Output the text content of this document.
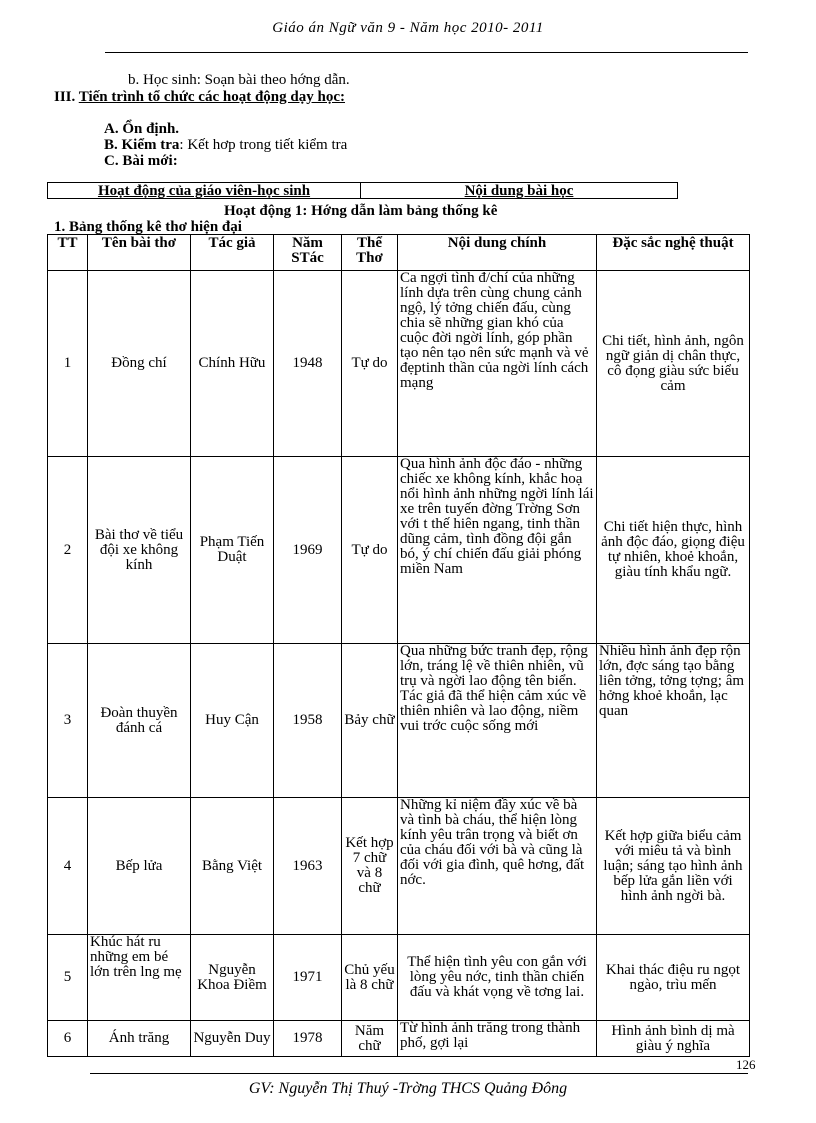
Giáo án Ngữ văn 9 - Năm học 2010- 2011
b. Học sinh: Soạn bài theo hớng dẫn.
III. Tiến trình tổ chức các hoạt động dạy học:
A. Ổn định.
B. Kiểm tra: Kết hơp trong tiết kiểm tra
C. Bài mới:
Hoạt động của giáo viên-học sinh	Nội dung bài học
Hoạt động 1: Hớng dẫn làm bảng thống kê
1. Bảng thống kê thơ hiện đại
TT	Tên bài thơ	Tác giả	Năm STác	Thể Thơ	Nội dung chính	Đặc sắc nghệ thuật
1	Đồng chí	Chính Hữu	1948	Tự do	Ca ngợi tình đ/chí của những lính dựa trên cùng chung cảnh ngộ, lý tởng chiến đấu, cùng chia sẽ những gian khó của cuộc đời ngời lính, góp phần tạo nên tạo nên sức mạnh và vẻ đẹptinh thần của ngời lính cách mạng	Chi tiết, hình ảnh, ngôn ngữ giản dị chân thực, cô đọng giàu sức biểu cảm
2	Bài thơ về tiểu đội xe không kính	Phạm Tiến Duật	1969	Tự do	Qua hình ảnh độc đáo - những chiếc xe không kính, khắc hoạ nổi hình ảnh những ngời lính lái xe trên tuyến đờng Trờng Sơn với t thế hiên ngang, tinh thần dũng cảm, tình đồng đội gắn bó, ý chí chiến đấu giải phóng miền Nam	Chi tiết hiện thực, hình ảnh độc đáo, giọng điệu tự nhiên, khoẻ khoắn, giàu tính khẩu ngữ.
3	Đoàn thuyền đánh cá	Huy Cận	1958	Bảy chữ	Qua những bức tranh đẹp, rộng lớn, tráng lệ về thiên nhiên, vũ trụ và ngời lao động tên biển. Tác giả đã thể hiện cảm xúc về thiên nhiên và lao động, niềm vui trớc cuộc sống mới	Nhiều hình ảnh đẹp rộn lớn, đợc sáng tạo bằng liên tởng, tởng tợng; âm hởng khoẻ khoắn, lạc quan
4	Bếp lửa	Bằng Việt	1963	Kết hợp 7 chữ và 8 chữ	Những kỉ niệm đầy xúc về bà và tình bà cháu, thể hiện lòng kính yêu trân trọng và biết ơn của cháu đối với bà và cũng là đối với gia đình, quê hơng, đất nớc.	Kết hợp giữa biểu cảm với miêu tả và bình luận; sáng tạo hình ảnh bếp lửa gắn liền với hình ảnh ngời bà.
5	Khúc hát ru những em bé lớn trên lng mẹ	Nguyễn Khoa Điềm	1971	Chủ yếu là 8 chữ	Thể hiện tình yêu con gắn với lòng yêu nớc, tinh thần chiến đấu và khát vọng về tơng lai.	Khai thác điệu ru ngọt ngào, trìu mến
6	Ánh trăng	Nguyễn Duy	1978	Năm chữ	Từ hình ảnh trăng trong thành phố, gợi lại	Hình ảnh bình dị mà giàu ý nghĩa
126
GV: Nguyễn Thị Thuý -Trờng THCS Quảng Đông
